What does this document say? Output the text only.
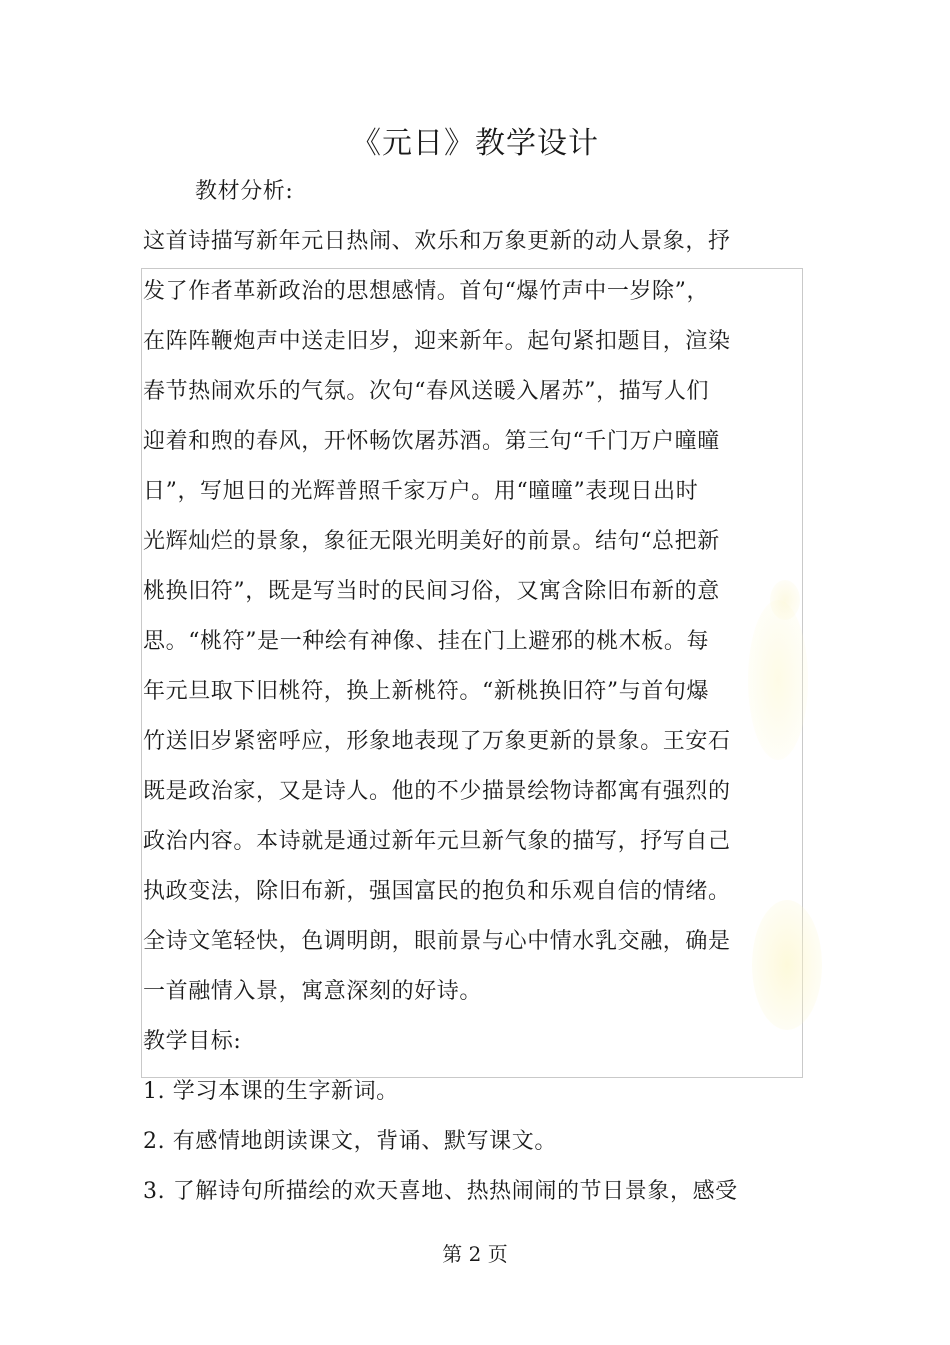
《元日》教学设计
教材分析:
这首诗描写新年元日热闹、欢乐和万象更新的动人景象，抒
发了作者革新政治的思想感情。首句“爆竹声中一岁除”，
在阵阵鞭炮声中送走旧岁，迎来新年。起句紧扣题目，渲染
春节热闹欢乐的气氛。次句“春风送暖入屠苏”，描写人们
迎着和煦的春风，开怀畅饮屠苏酒。第三句“千门万户曈曈
日”，写旭日的光辉普照千家万户。用“曈曈”表现日出时
光辉灿烂的景象，象征无限光明美好的前景。结句“总把新
桃换旧符”，既是写当时的民间习俗，又寓含除旧布新的意
思。“桃符”是一种绘有神像、挂在门上避邪的桃木板。每
年元旦取下旧桃符，换上新桃符。“新桃换旧符”与首句爆
竹送旧岁紧密呼应，形象地表现了万象更新的景象。王安石
既是政治家，又是诗人。他的不少描景绘物诗都寓有强烈的
政治内容。本诗就是通过新年元旦新气象的描写，抒写自己
执政变法，除旧布新，强国富民的抱负和乐观自信的情绪。
全诗文笔轻快，色调明朗，眼前景与心中情水乳交融，确是
一首融情入景，寓意深刻的好诗。
教学目标:
1. 学习本课的生字新词。
2. 有感情地朗读课文，背诵、默写课文。
3. 了解诗句所描绘的欢天喜地、热热闹闹的节日景象，感受
第 2 页
